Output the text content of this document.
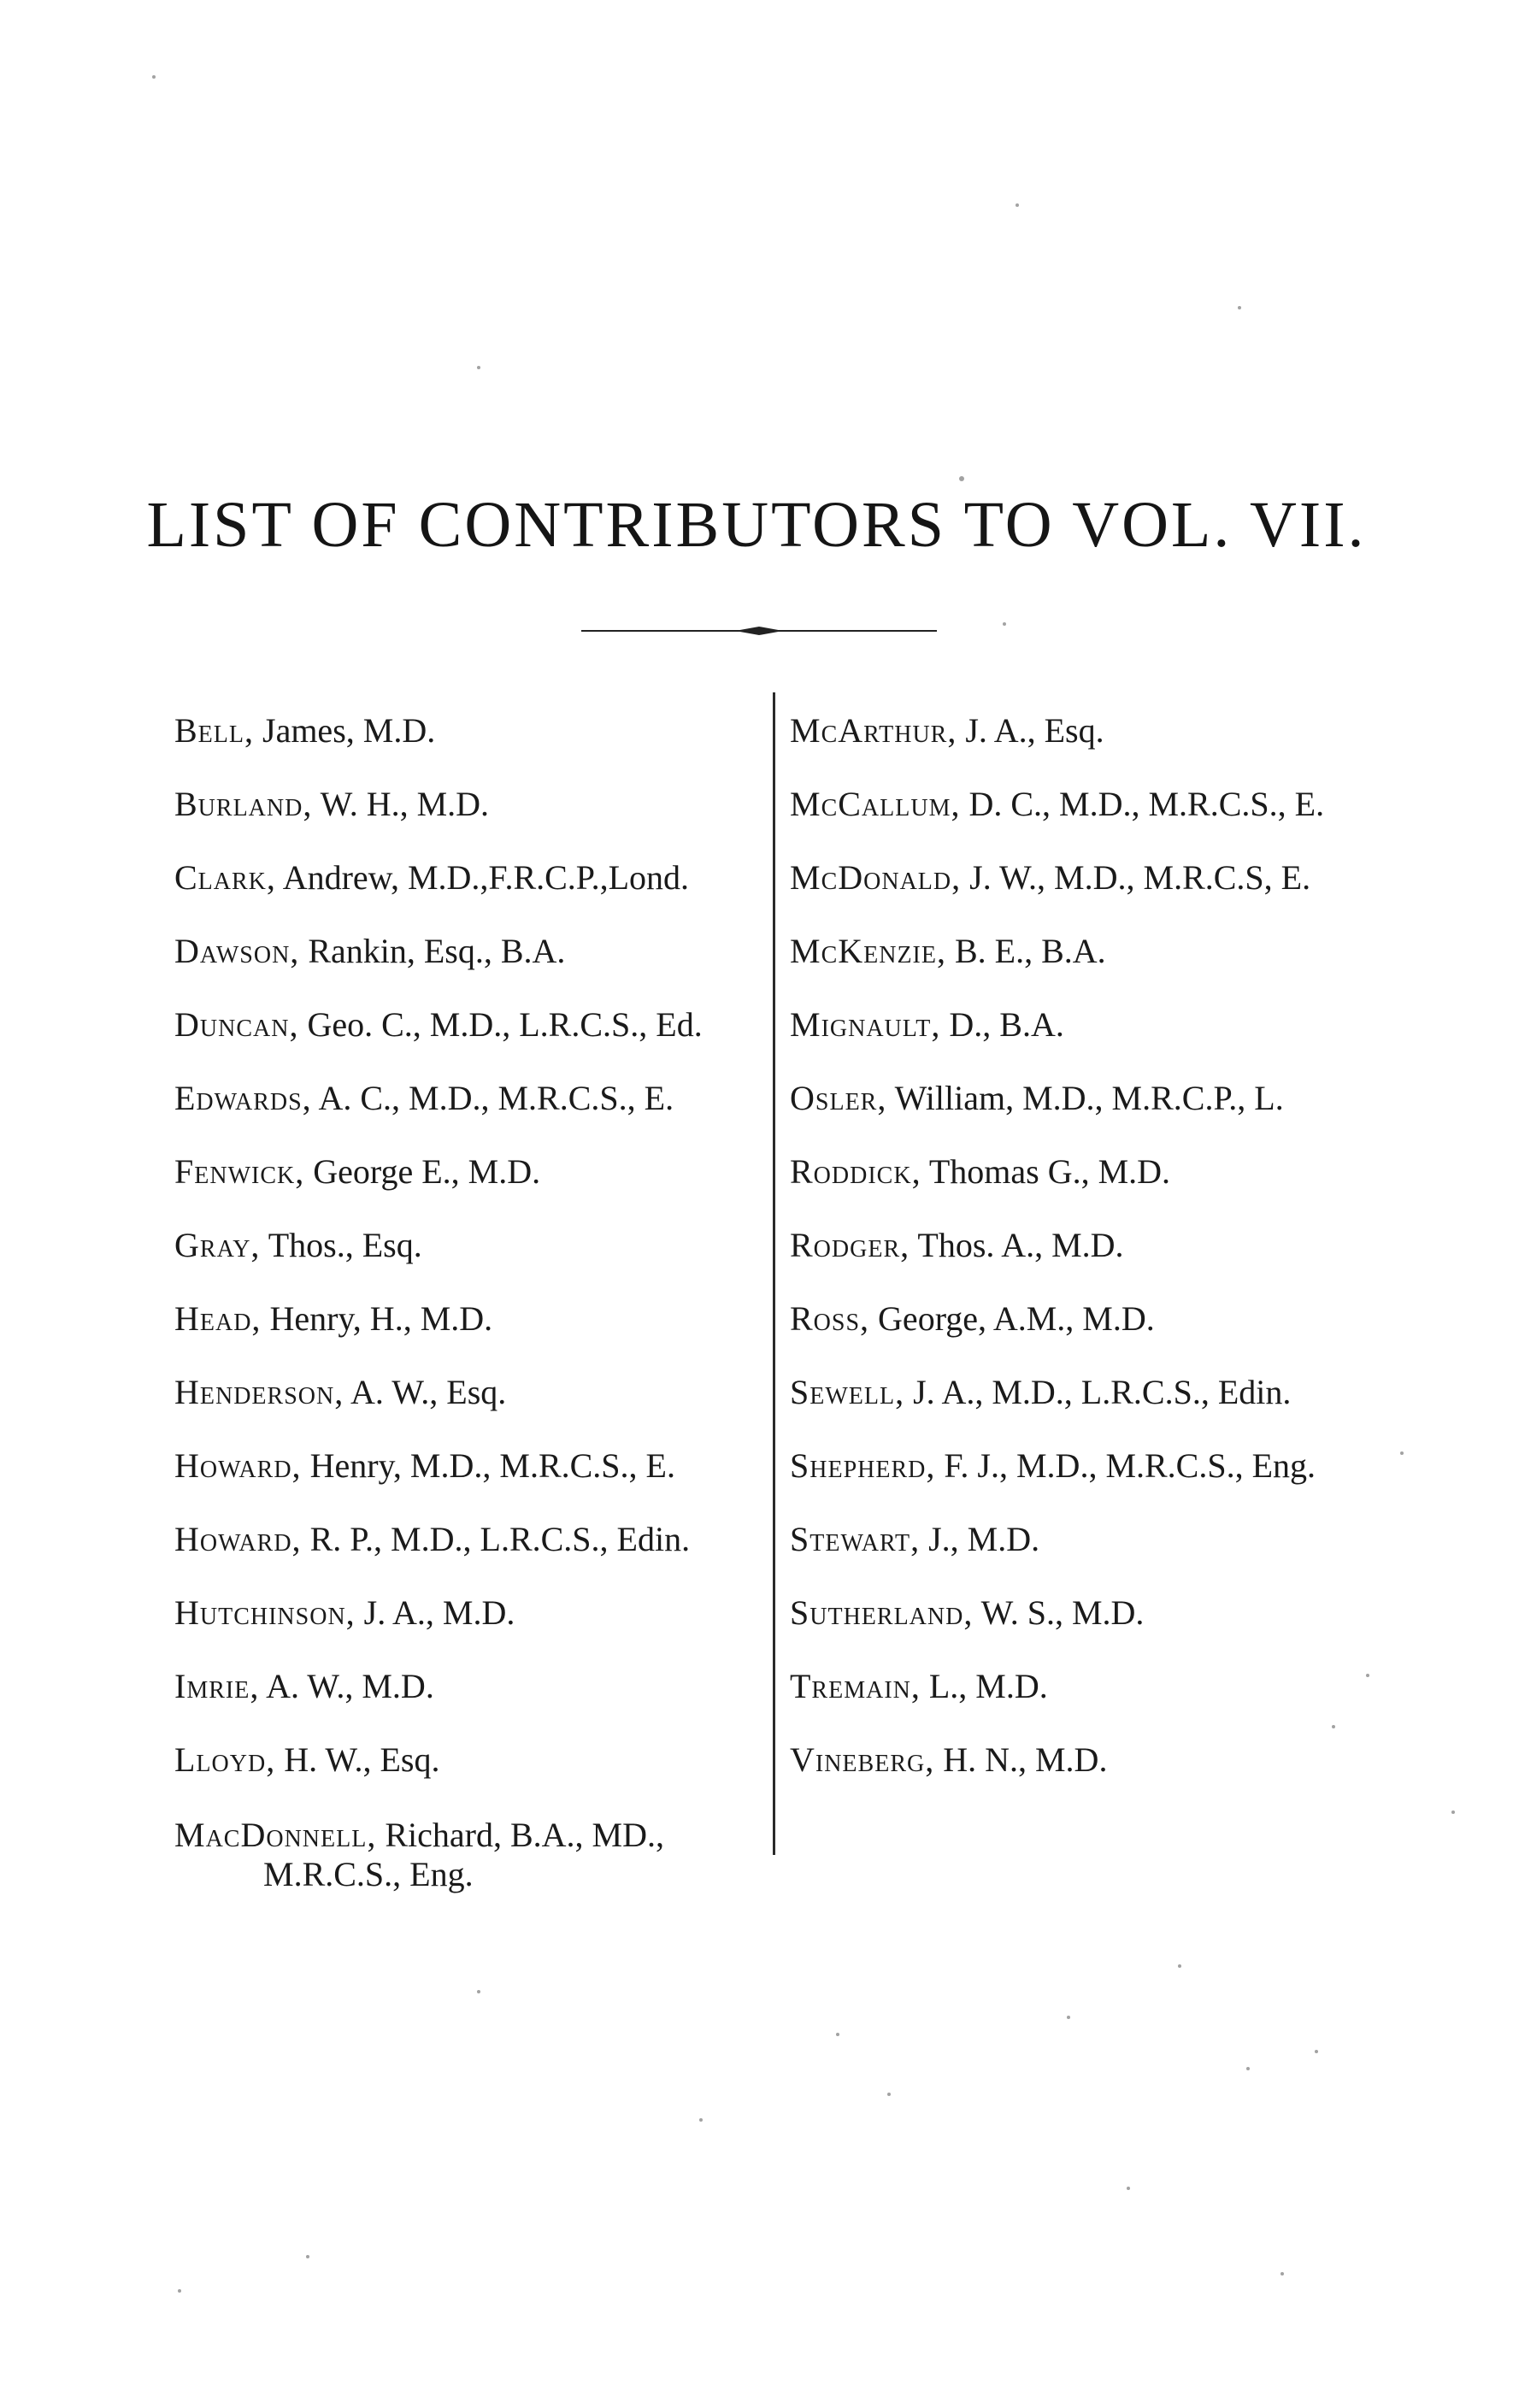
LIST OF CONTRIBUTORS TO VOL. VII.
Bell, James, M.D.
Burland, W. H., M.D.
Clark, Andrew, M.D.,F.R.C.P.,Lond.
Dawson, Rankin, Esq., B.A.
Duncan, Geo. C., M.D., L.R.C.S., Ed.
Edwards, A. C., M.D., M.R.C.S., E.
Fenwick, George E., M.D.
Gray, Thos., Esq.
Head, Henry, H., M.D.
Henderson, A. W., Esq.
Howard, Henry, M.D., M.R.C.S., E.
Howard, R. P., M.D., L.R.C.S., Edin.
Hutchinson, J. A., M.D.
Imrie, A. W., M.D.
Lloyd, H. W., Esq.
MacDonnell, Richard, B.A., MD.,
M.R.C.S., Eng.
McArthur, J. A., Esq.
McCallum, D. C., M.D., M.R.C.S., E.
McDonald, J. W., M.D., M.R.C.S, E.
McKenzie, B. E., B.A.
Mignault, D., B.A.
Osler, William, M.D., M.R.C.P., L.
Roddick, Thomas G., M.D.
Rodger, Thos. A., M.D.
Ross, George, A.M., M.D.
Sewell, J. A., M.D., L.R.C.S., Edin.
Shepherd, F. J., M.D., M.R.C.S., Eng.
Stewart, J., M.D.
Sutherland, W. S., M.D.
Tremain, L., M.D.
Vineberg, H. N., M.D.
